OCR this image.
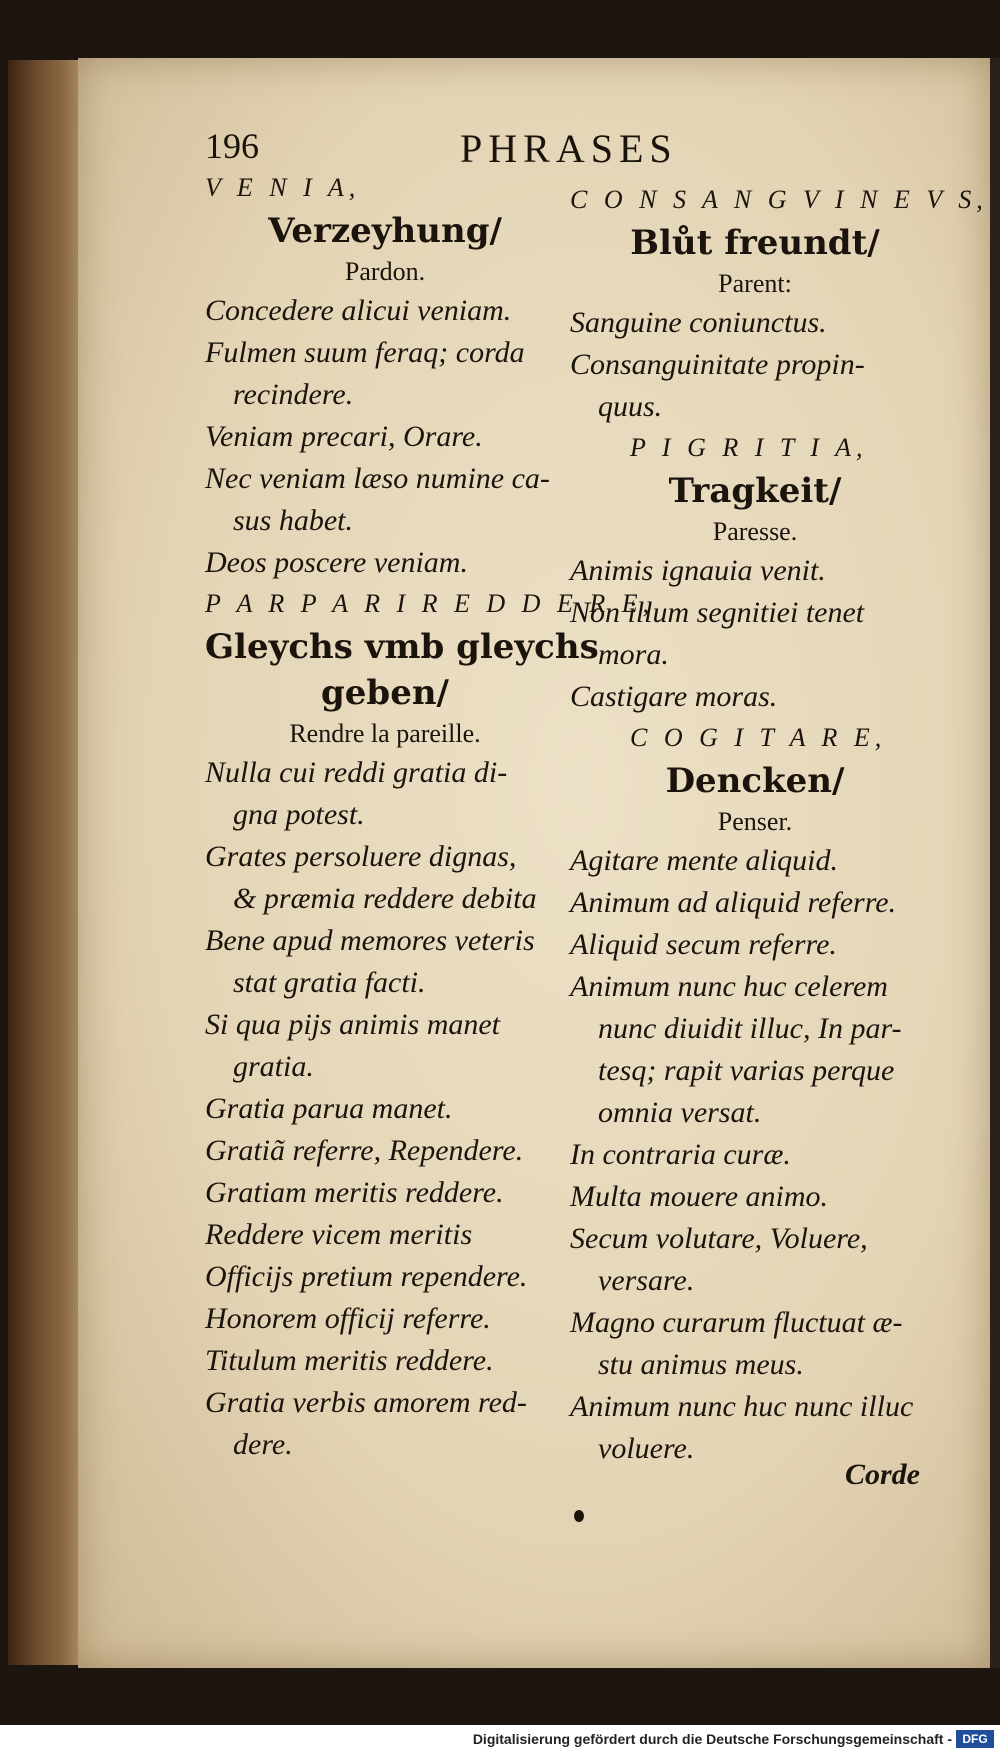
196	PHRASES
V E N I A,
Verzeyhung/
Pardon.
Concedere alicui veniam.
Fulmen suum feraq; corda
recindere.
Veniam precari, Orare.
Nec veniam læso numine ca-
sus habet.
Deos poscere veniam.
P A R P A R I R E D D E R E,
Gleychs vmb gleychs
geben/
Rendre la pareille.
Nulla cui reddi gratia di-
gna potest.
Grates persoluere dignas,
& præmia reddere debita
Bene apud memores veteris
stat gratia facti.
Si qua pijs animis manet
gratia.
Gratia parua manet.
Gratiã referre, Rependere.
Gratiam meritis reddere.
Reddere vicem meritis
Officijs pretium rependere.
Honorem officij referre.
Titulum meritis reddere.
Gratia verbis amorem red-
dere.
C O N S A N G V I N E V S,
Blůt freundt/
Parent:
Sanguine coniunctus.
Consanguinitate propin-
quus.
P I G R I T I A,
Tragkeit/
Paresse.
Animis ignauia venit.
Non illum segnitiei tenet
mora.
Castigare moras.
C O G I T A R E,
Dencken/
Penser.
Agitare mente aliquid.
Animum ad aliquid referre.
Aliquid secum referre.
Animum nunc huc celerem
nunc diuidit illuc, In par-
tesq; rapit varias perque
omnia versat.
In contraria curæ.
Multa mouere animo.
Secum volutare, Voluere,
versare.
Magno curarum fluctuat æ-
stu animus meus.
Animum nunc huc nunc illuc
voluere.
Corde
Digitalisierung gefördert durch die Deutsche Forschungsgemeinschaft - DFG
